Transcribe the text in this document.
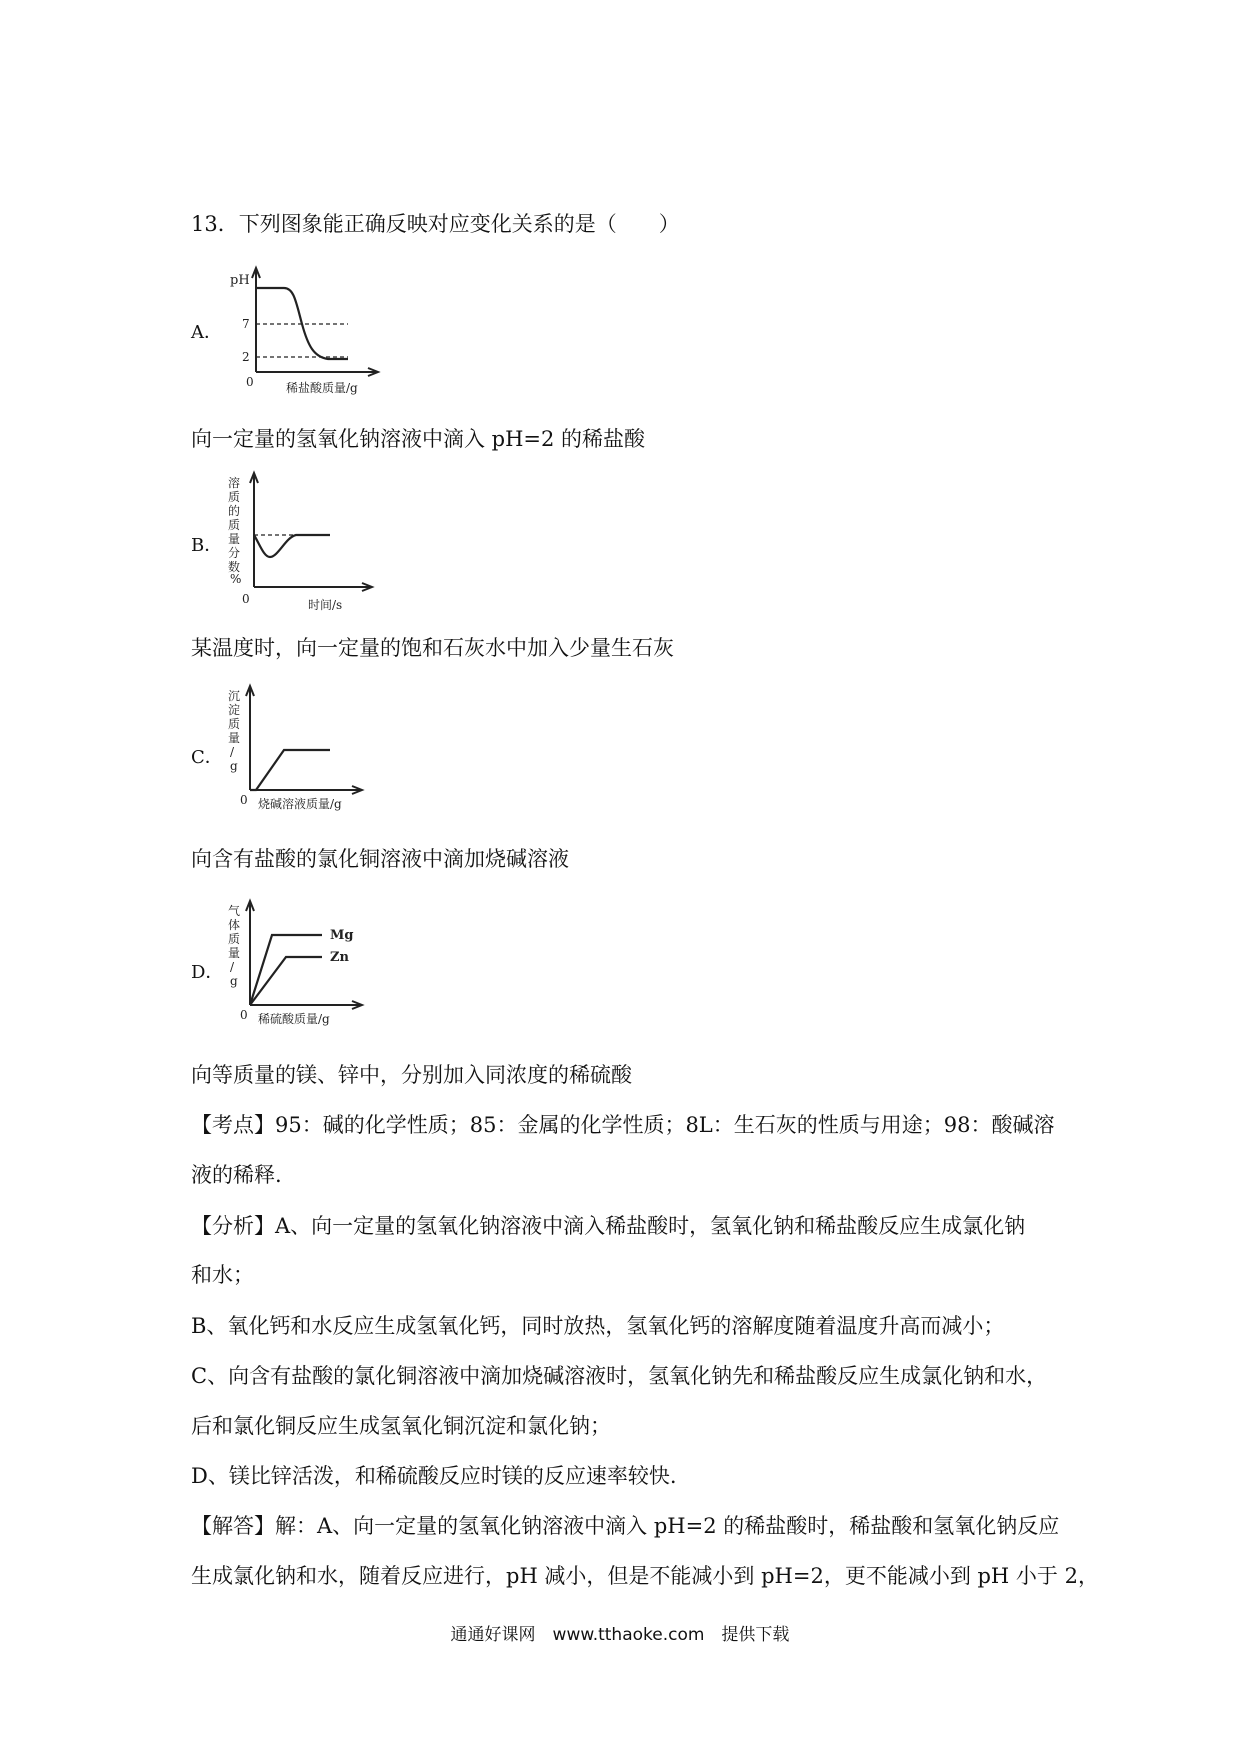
13．下列图象能正确反映对应变化关系的是（　　）
A．
pH
7
2
0	稀盐酸质量/g
向一定量的氢氧化钠溶液中滴入 pH=2 的稀盐酸
B．
溶
质
的
质
量
分
数
%
0	时间/s
某温度时，向一定量的饱和石灰水中加入少量生石灰
C．
沉
淀
质
量
/
g
0 烧碱溶液质量/g
向含有盐酸的氯化铜溶液中滴加烧碱溶液
D．
气
体
质
量
/
g
0 稀硫酸质量/g
Mg
Zn
向等质量的镁、锌中，分别加入同浓度的稀硫酸
【考点】95：碱的化学性质；85：金属的化学性质；8L：生石灰的性质与用途；98：酸碱溶
液的稀释.
【分析】A、向一定量的氢氧化钠溶液中滴入稀盐酸时，氢氧化钠和稀盐酸反应生成氯化钠
和水；
B、氧化钙和水反应生成氢氧化钙，同时放热，氢氧化钙的溶解度随着温度升高而减小；
C、向含有盐酸的氯化铜溶液中滴加烧碱溶液时，氢氧化钠先和稀盐酸反应生成氯化钠和水，
后和氯化铜反应生成氢氧化铜沉淀和氯化钠；
D、镁比锌活泼，和稀硫酸反应时镁的反应速率较快.
【解答】解：A、向一定量的氢氧化钠溶液中滴入 pH=2 的稀盐酸时，稀盐酸和氢氧化钠反应
生成氯化钠和水，随着反应进行，pH 减小，但是不能减小到 pH=2，更不能减小到 pH 小于 2，
通通好课网　www.tthaoke.com　提供下载
